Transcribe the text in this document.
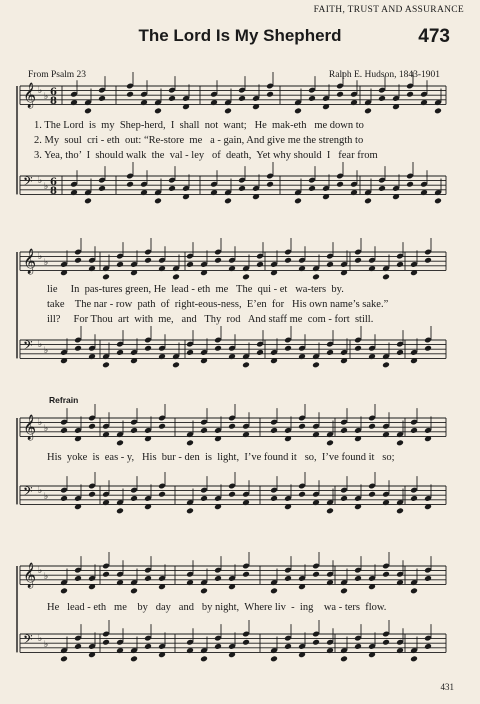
FAITH, TRUST AND ASSURANCE
The Lord Is My Shepherd	473
From Psalm 23	Ralph E. Hudson, 1843-1901
𝄞 ♭
♭
𝄢 ♭
♭
𝄞 ♭
♭
𝄢 ♭
♭
𝄞 ♭
♭
𝄢 ♭
♭
𝄞 ♭
♭
𝄢 ♭
♭
6
8
6
8
1. The Lord  is  my  Shep-herd,  I  shall  not  want;   He  mak-eth   me down to
2. My  soul  cri - eth  out: “Re-store  me   a - gain, And give me the strength to
3. Yea, tho’  I  should walk  the  val - ley   of  death,  Yet why should  I   fear from
lie     In  pas-tures green, He  lead - eth  me   The  qui - et   wa-ters  by.
take    The nar - row  path  of  right-eous-ness,  E’en  for   His own name’s sake.”
ill?     For Thou  art  with  me,   and   Thy  rod   And staff me  com - fort  still.
Refrain
His  yoke  is  eas - y,   His  bur - den  is  light,  I’ve found it   so,  I’ve found it   so;
He   lead - eth   me    by   day   and   by night,  Where liv  -  ing    wa - ters  flow.
431
